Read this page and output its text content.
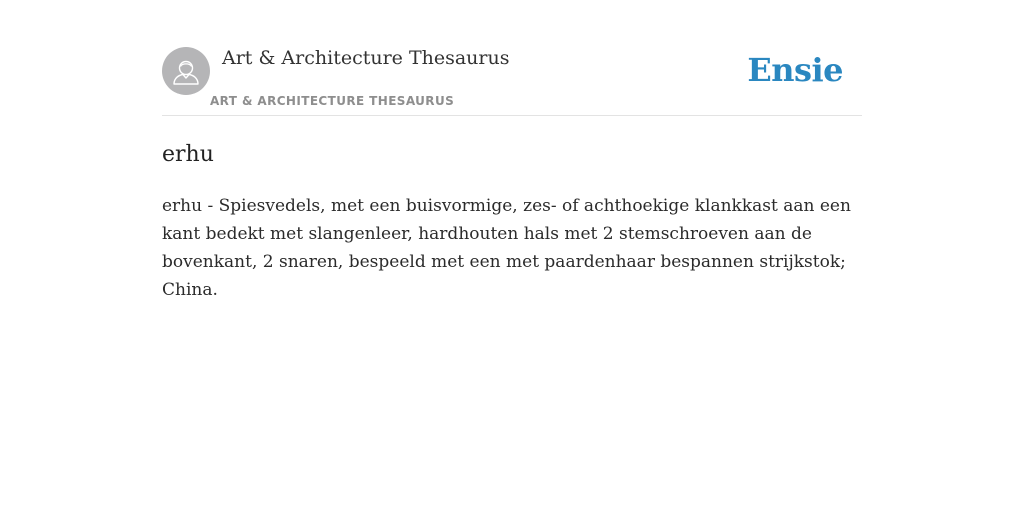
Art & Architecture Thesaurus
ART & ARCHITECTURE THESAURUS
Ensie
erhu

erhu - Spiesvedels, met een buisvormige, zes- of achthoekige klankkast aan een kant bedekt met slangenleer, hardhouten hals met 2 stemschroeven aan de bovenkant, 2 snaren, bespeeld met een met paardenhaar bespannen strijkstok; China.
